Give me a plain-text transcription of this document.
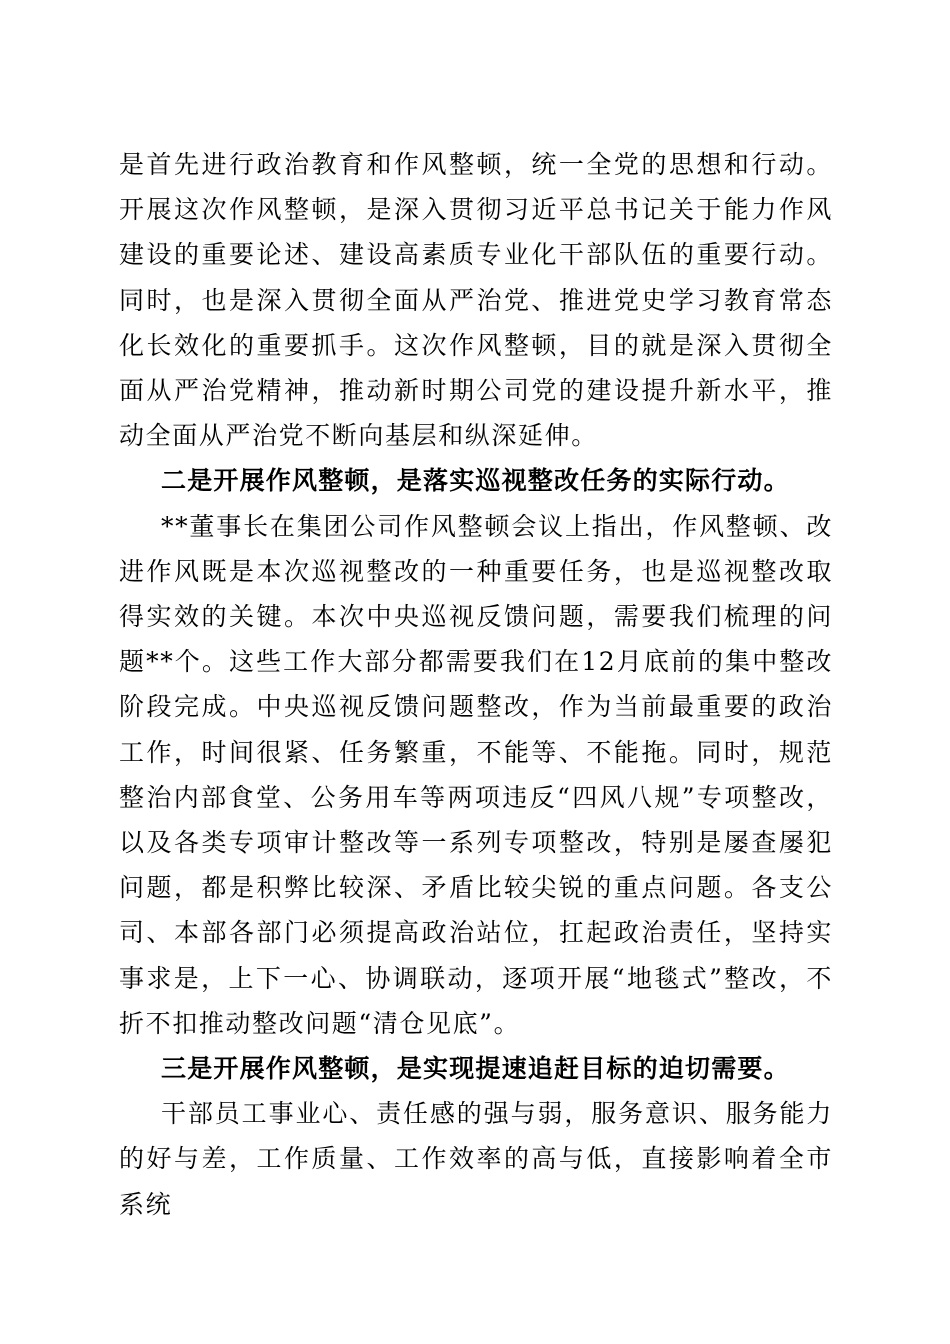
是首先进行政治教育和作风整顿，统一全党的思想和行动。开展这次作风整顿，是深入贯彻习近平总书记关于能力作风建设的重要论述、建设高素质专业化干部队伍的重要行动。同时，也是深入贯彻全面从严治党、推进党史学习教育常态化长效化的重要抓手。这次作风整顿，目的就是深入贯彻全面从严治党精神，推动新时期公司党的建设提升新水平，推动全面从严治党不断向基层和纵深延伸。

二是开展作风整顿，是落实巡视整改任务的实际行动。

**董事长在集团公司作风整顿会议上指出，作风整顿、改进作风既是本次巡视整改的一种重要任务，也是巡视整改取得实效的关键。本次中央巡视反馈问题，需要我们梳理的问题**个。这些工作大部分都需要我们在12月底前的集中整改阶段完成。中央巡视反馈问题整改，作为当前最重要的政治工作，时间很紧、任务繁重，不能等、不能拖。同时，规范整治内部食堂、公务用车等两项违反“四风八规”专项整改，以及各类专项审计整改等一系列专项整改，特别是屡查屡犯问题，都是积弊比较深、矛盾比较尖锐的重点问题。各支公司、本部各部门必须提高政治站位，扛起政治责任，坚持实事求是，上下一心、协调联动，逐项开展“地毯式”整改，不折不扣推动整改问题“清仓见底”。

三是开展作风整顿，是实现提速追赶目标的迫切需要。

干部员工事业心、责任感的强与弱，服务意识、服务能力的好与差，工作质量、工作效率的高与低，直接影响着全市系统
